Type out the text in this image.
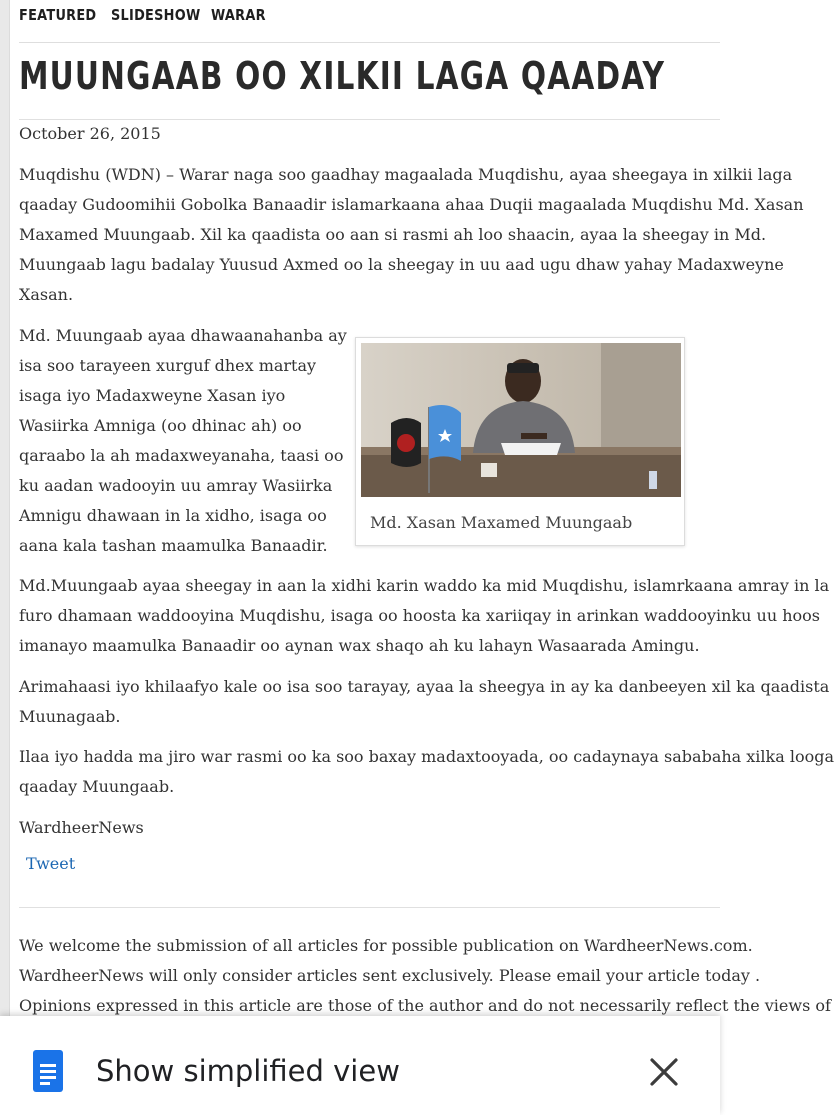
FEATURED SLIDESHOW WARAR
MUUNGAAB OO XILKII LAGA QAADAY
October 26, 2015

Muqdishu (WDN) – Warar naga soo gaadhay magaalada Muqdishu, ayaa sheegaya in xilkii laga

qaaday Gudoomihii Gobolka Banaadir islamarkaana ahaa Duqii magaalada Muqdishu Md. Xasan

Maxamed Muungaab. Xil ka qaadista oo aan si rasmi ah loo shaacin, ayaa la sheegay in Md.

Muungaab lagu badalay Yuusud Axmed oo la sheegay in uu aad ugu dhaw yahay Madaxweyne

Xasan.

Md. Muungaab ayaa dhawaanahanba ay

isa soo tarayeen xurguf dhex martay

isaga iyo Madaxweyne Xasan iyo

Wasiirka Amniga (oo dhinac ah) oo

qaraabo la ah madaxweyanaha, taasi oo

ku aadan wadooyin uu amray Wasiirka

Amnigu dhawaan in la xidho, isaga oo

aana kala tashan maamulka Banaadir.

Md. Xasan Maxamed Muungaab

Md.Muungaab ayaa sheegay in aan la xidhi karin waddo ka mid Muqdishu, islamrkaana amray in la

furo dhamaan waddooyina Muqdishu, isaga oo hoosta ka xariiqay in arinkan waddooyinku uu hoos

imanayo maamulka Banaadir oo aynan wax shaqo ah ku lahayn Wasaarada Amingu.

Arimahaasi iyo khilaafyo kale oo isa soo tarayay, ayaa la sheegya in ay ka danbeeyen xil ka qaadista

Muunagaab.

Ilaa iyo hadda ma jiro war rasmi oo ka soo baxay madaxtooyada, oo cadaynaya sababaha xilka looga

qaaday Muungaab.

WardheerNews

Tweet

We welcome the submission of all articles for possible publication on WardheerNews.com.

WardheerNews will only consider articles sent exclusively. Please email your article today .

Opinions expressed in this article are those of the author and do not necessarily reflect the views of

Show simplified view
